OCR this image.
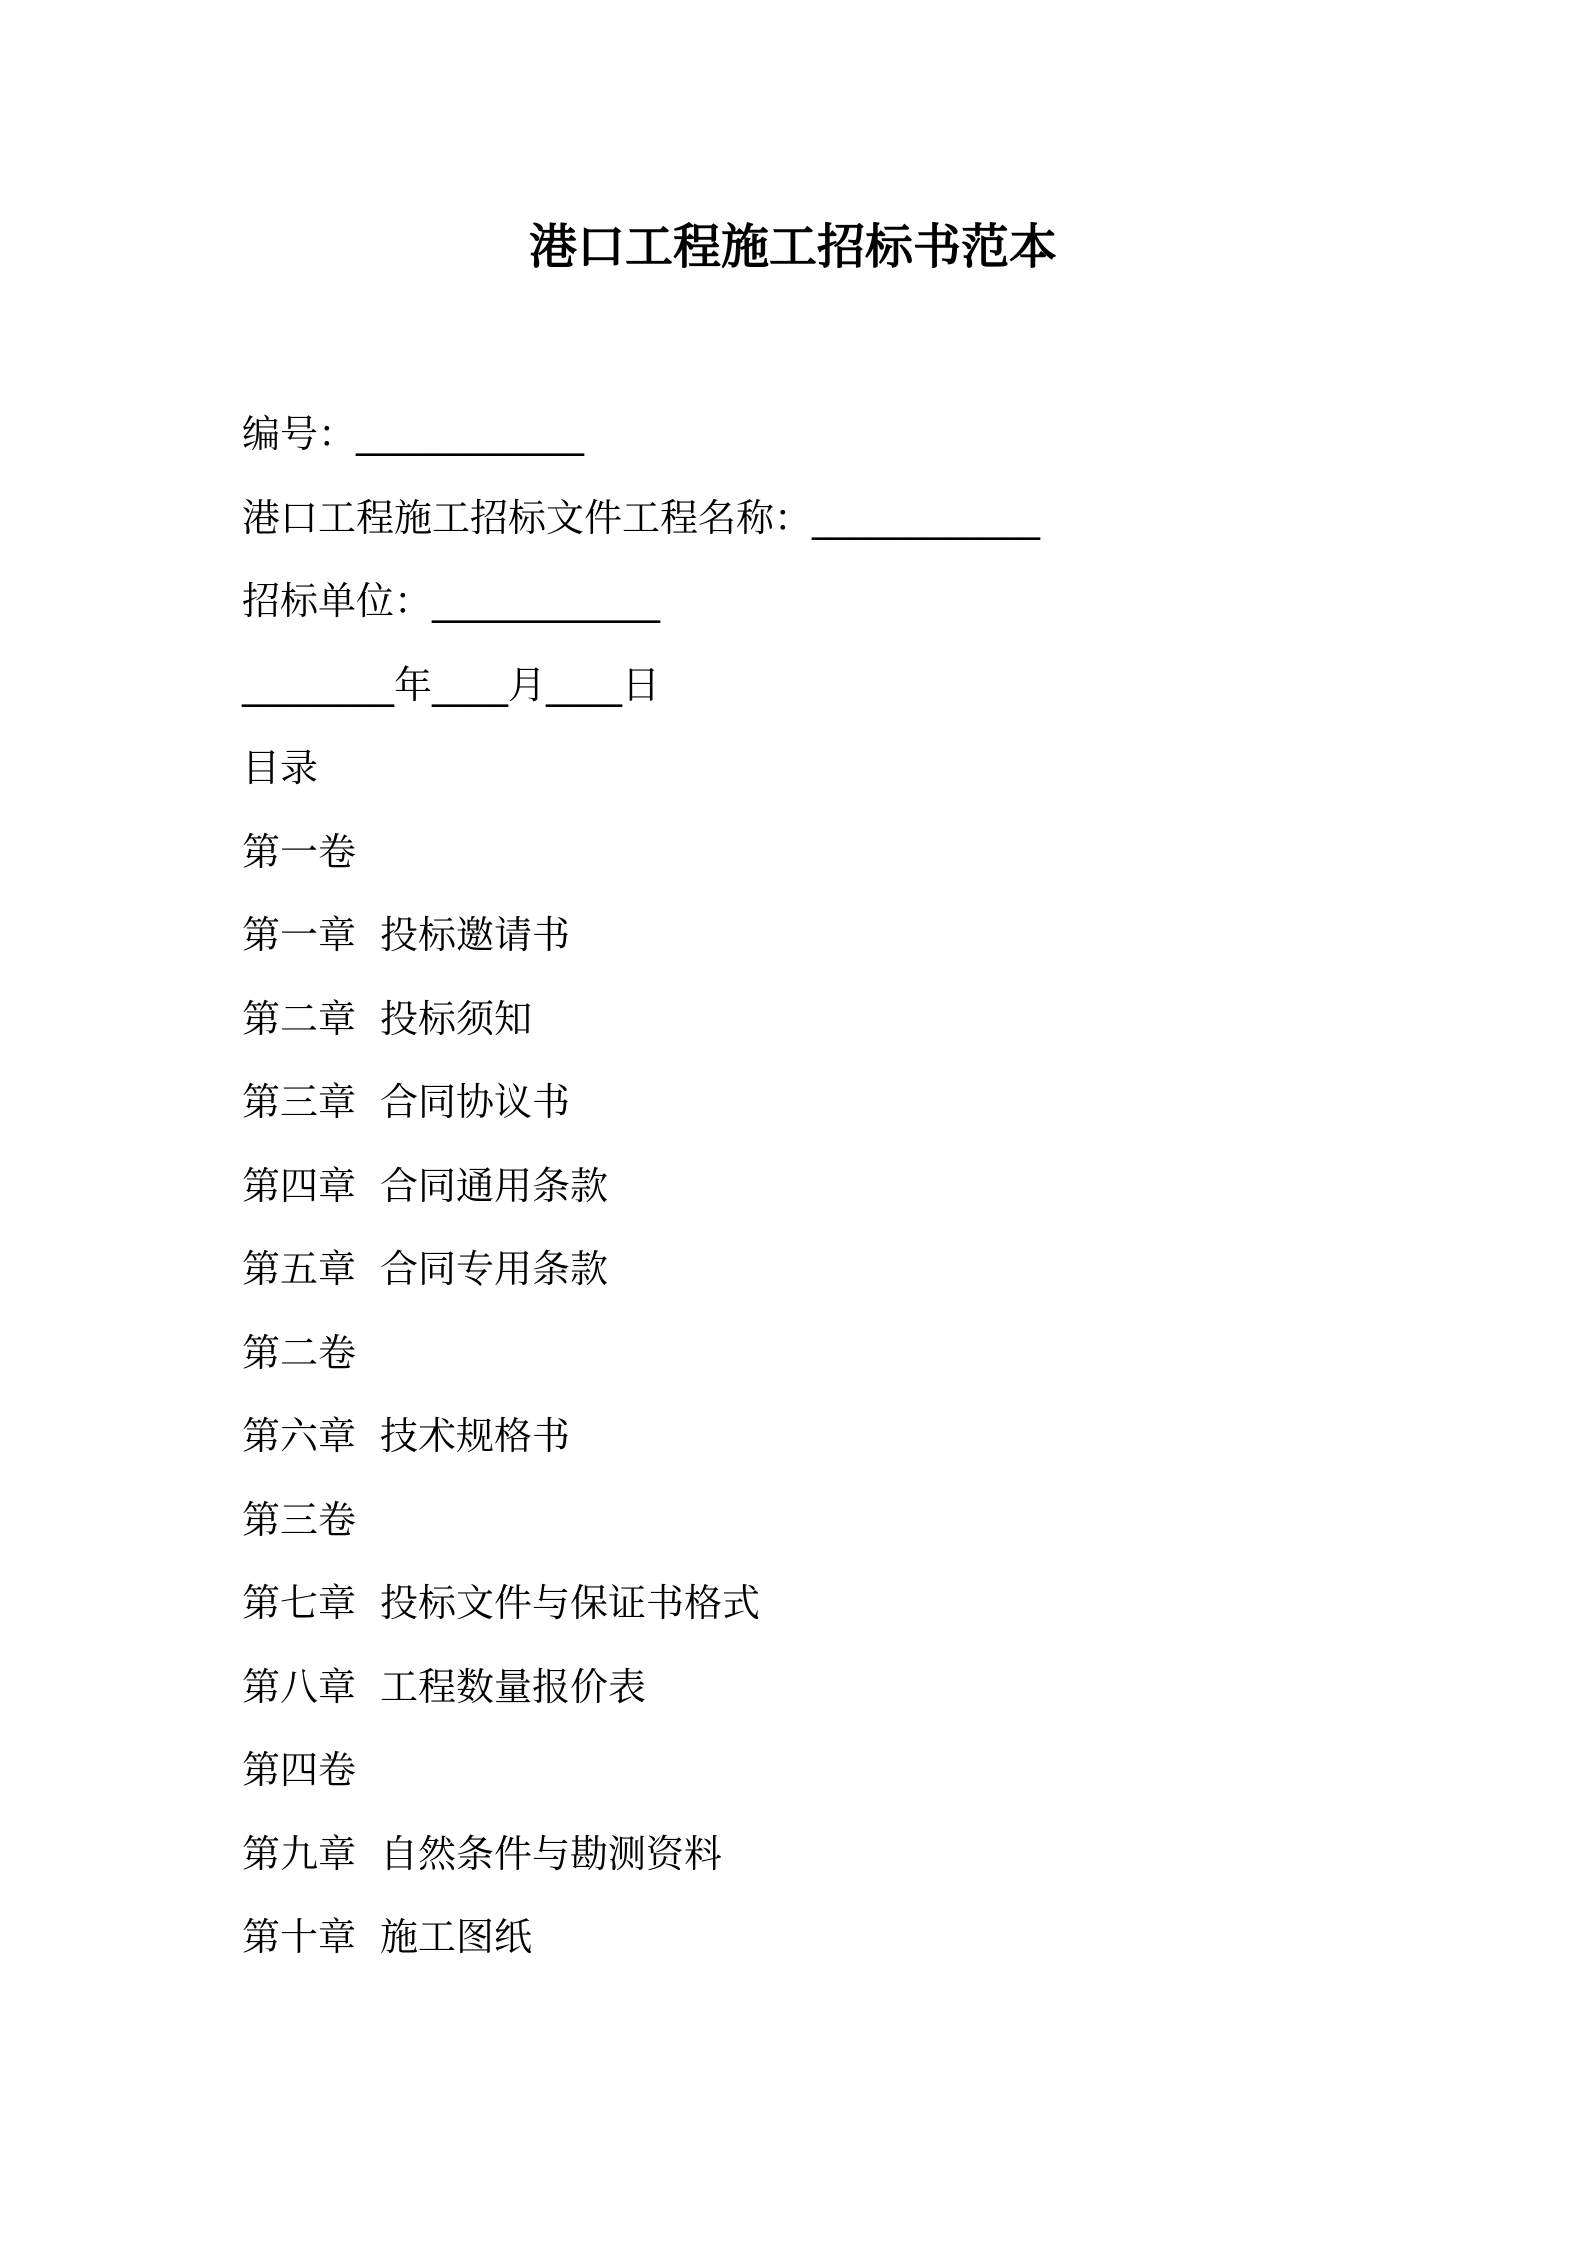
港口工程施工招标书范本
编号：____________
港口工程施工招标文件工程名称：____________
招标单位：____________
________年____月____日
目录
第一卷
第一章 投标邀请书
第二章 投标须知
第三章 合同协议书
第四章 合同通用条款
第五章 合同专用条款
第二卷
第六章 技术规格书
第三卷
第七章 投标文件与保证书格式
第八章 工程数量报价表
第四卷
第九章 自然条件与勘测资料
第十章 施工图纸
